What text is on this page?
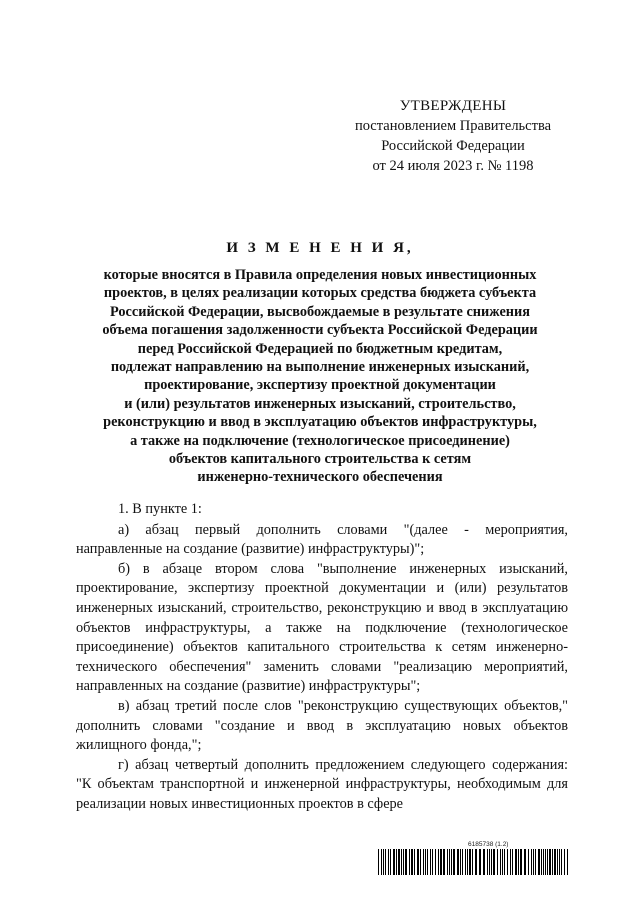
УТВЕРЖДЕНЫ
постановлением Правительства
Российской Федерации
от 24 июля 2023 г. № 1198
И З М Е Н Е Н И Я,
которые вносятся в Правила определения новых инвестиционных
проектов, в целях реализации которых средства бюджета субъекта
Российской Федерации, высвобождаемые в результате снижения
объема погашения задолженности субъекта Российской Федерации
перед Российской Федерацией по бюджетным кредитам,
подлежат направлению на выполнение инженерных изысканий,
проектирование, экспертизу проектной документации
и (или) результатов инженерных изысканий, строительство,
реконструкцию и ввод в эксплуатацию объектов инфраструктуры,
а также на подключение (технологическое присоединение)
объектов капитального строительства к сетям
инженерно-технического обеспечения

1. В пункте 1:

а) абзац первый дополнить словами "(далее - мероприятия, направленные на создание (развитие) инфраструктуры)";

б) в абзаце втором слова "выполнение инженерных изысканий, проектирование, экспертизу проектной документации и (или) результатов инженерных изысканий, строительство, реконструкцию и ввод в эксплуатацию объектов инфраструктуры, а также на подключение (технологическое присоединение) объектов капитального строительства к сетям инженерно-технического обеспечения" заменить словами "реализацию мероприятий, направленных на создание (развитие) инфраструктуры";

в) абзац третий после слов "реконструкцию существующих объектов," дополнить словами "создание и ввод в эксплуатацию новых объектов жилищного фонда,";

г) абзац четвертый дополнить предложением следующего содержания: "К объектам транспортной и инженерной инфраструктуры, необходимым для реализации новых инвестиционных проектов в сфере

6185738 (1.2)
